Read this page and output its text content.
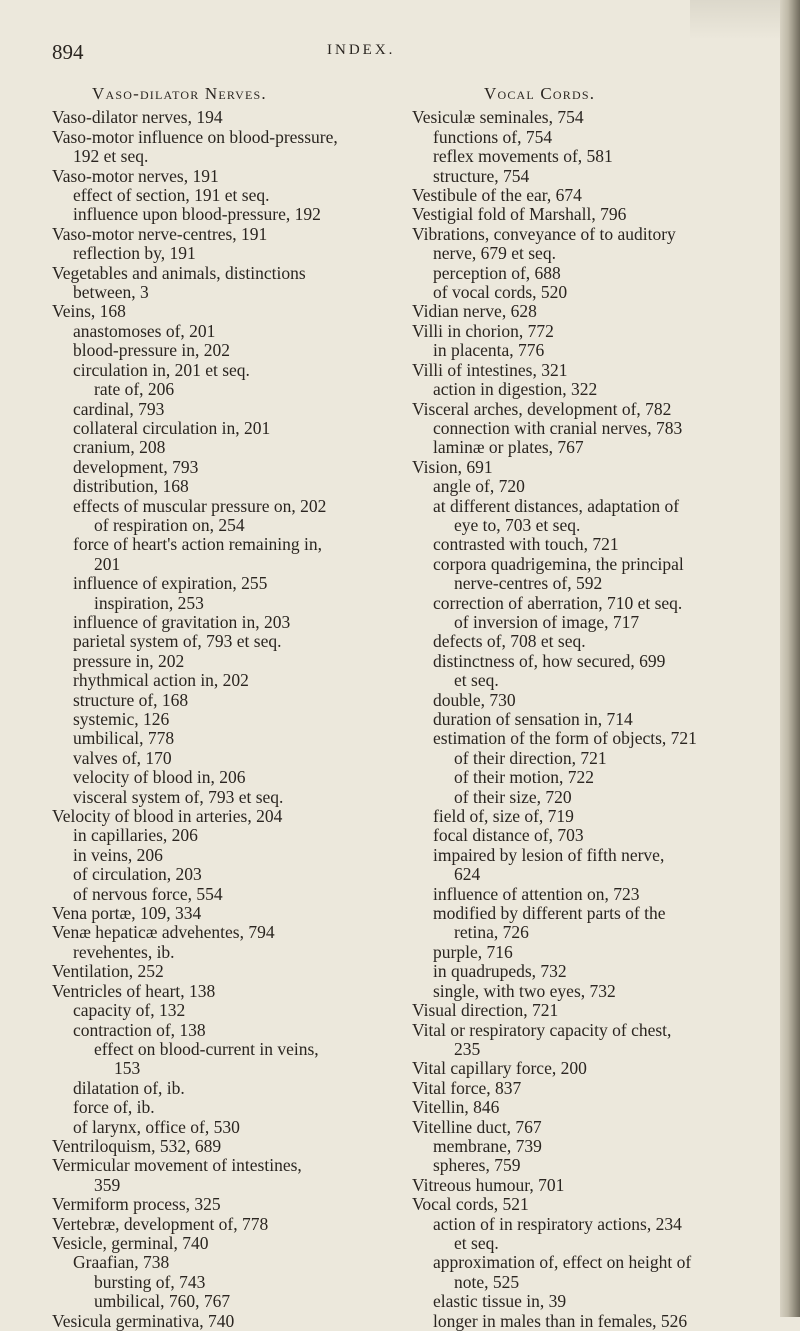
894	INDEX.
Vaso-dilator Nerves.
Vaso-dilator nerves, 194
Vaso-motor influence on blood-pressure,
192 et seq.
Vaso-motor nerves, 191
effect of section, 191 et seq.
influence upon blood-pressure, 192
Vaso-motor nerve-centres, 191
reflection by, 191
Vegetables and animals, distinctions
between, 3
Veins, 168
anastomoses of, 201
blood-pressure in, 202
circulation in, 201 et seq.
rate of, 206
cardinal, 793
collateral circulation in, 201
cranium, 208
development, 793
distribution, 168
effects of muscular pressure on, 202
of respiration on, 254
force of heart's action remaining in,
201
influence of expiration, 255
inspiration, 253
influence of gravitation in, 203
parietal system of, 793 et seq.
pressure in, 202
rhythmical action in, 202
structure of, 168
systemic, 126
umbilical, 778
valves of, 170
velocity of blood in, 206
visceral system of, 793 et seq.
Velocity of blood in arteries, 204
in capillaries, 206
in veins, 206
of circulation, 203
of nervous force, 554
Vena portæ, 109, 334
Venæ hepaticæ advehentes, 794
revehentes, ib.
Ventilation, 252
Ventricles of heart, 138
capacity of, 132
contraction of, 138
effect on blood-current in veins,
153
dilatation of, ib.
force of, ib.
of larynx, office of, 530
Ventriloquism, 532, 689
Vermicular movement of intestines,
359
Vermiform process, 325
Vertebræ, development of, 778
Vesicle, germinal, 740
Graafian, 738
bursting of, 743
umbilical, 760, 767
Vesicula germinativa, 740
Vocal Cords.
Vesiculæ seminales, 754
functions of, 754
reflex movements of, 581
structure, 754
Vestibule of the ear, 674
Vestigial fold of Marshall, 796
Vibrations, conveyance of to auditory
nerve, 679 et seq.
perception of, 688
of vocal cords, 520
Vidian nerve, 628
Villi in chorion, 772
in placenta, 776
Villi of intestines, 321
action in digestion, 322
Visceral arches, development of, 782
connection with cranial nerves, 783
laminæ or plates, 767
Vision, 691
angle of, 720
at different distances, adaptation of
eye to, 703 et seq.
contrasted with touch, 721
corpora quadrigemina, the principal
nerve-centres of, 592
correction of aberration, 710 et seq.
of inversion of image, 717
defects of, 708 et seq.
distinctness of, how secured, 699
et seq.
double, 730
duration of sensation in, 714
estimation of the form of objects, 721
of their direction, 721
of their motion, 722
of their size, 720
field of, size of, 719
focal distance of, 703
impaired by lesion of fifth nerve,
624
influence of attention on, 723
modified by different parts of the
retina, 726
purple, 716
in quadrupeds, 732
single, with two eyes, 732
Visual direction, 721
Vital or respiratory capacity of chest,
235
Vital capillary force, 200
Vital force, 837
Vitellin, 846
Vitelline duct, 767
membrane, 739
spheres, 759
Vitreous humour, 701
Vocal cords, 521
action of in respiratory actions, 234
et seq.
approximation of, effect on height of
note, 525
elastic tissue in, 39
longer in males than in females, 526
